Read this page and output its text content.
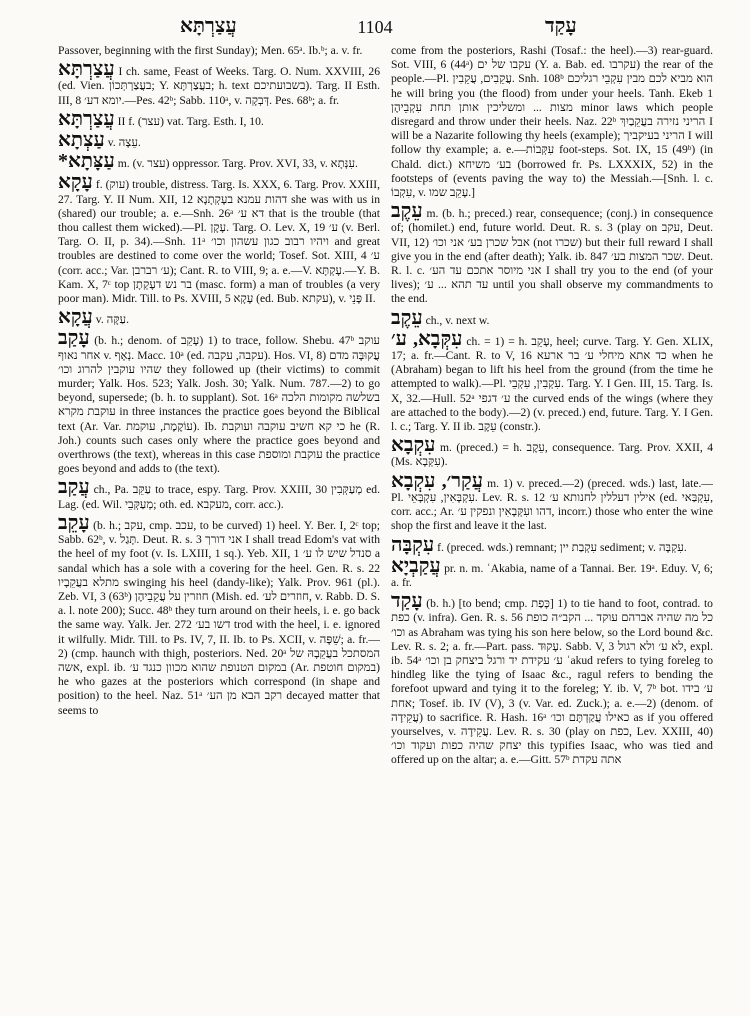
עֲצַרְתָּא	1104	עָקַד

Passover, beginning with the first Sunday); Men. 65ᵃ. Ib.ᵇ; a. v. fr.

עֲצַרְתָּא I ch. same, Feast of Weeks. Targ. O. Num. XXVIII, 26 (ed. Vien. בעֲצַרְתְּכוֹן; Y. בעֲצַרְתָּא; h. text בשבועתיכם). Targ. II Esth. III, 8 יומא דע׳.—Pes. 42ᵇ; Sabb. 110ᵃ, v. דְּבְקָה. Pes. 68ᵇ; a. fr.

עֲצַרְתָּא II f. (עצר) vat. Targ. Esth. I, 10.

עַצְתָא v. עֵצָה.

*עַצָּתָא m. (v. עצר) oppressor. Targ. Prov. XVI, 33, v. עִנְּתָא.

עָקָא f. (עוק) trouble, distress. Targ. Is. XXX, 6. Targ. Prov. XXIII, 27. Targ. Y. II Num. XII, 12 דהות עמנא בעָקְתָנָא she was with us in (shared) our trouble; a. e.—Snh. 26ᵃ דא ע׳ that is the trouble (that thou callest them wicked).—Pl. עָקָן. Targ. O. Lev. X, 19 ע׳ (v. Berl. Targ. O. II, p. 34).—Snh. 11ᵃ ויהיו רבוב כגון עשהון וכו׳ and great troubles are destined to come over the world; Tosef. Sot. XIII, 4 ע׳ (corr. acc.; Var. ע׳ רברבן); Cant. R. to VIII, 9; a. e.—V. עָקְתָּא.—Y. B. Kam. X, 7ᶜ top בר נש דעָקְתָן (masc. form) a man of troubles (a very poor man). Midr. Till. to Ps. XVIII, 5 עָקָא (ed. Bub. עקתא), v. פָּנֵי II.

עֲקָא v. עַקָּה.

עָקַב (b. h.; denom. of עָקֵב) 1) to trace, follow. Shebu. 47ᵇ עוקב אחר נאוף v. נְאָף. Macc. 10ᵃ (ed. עקבה, עקבה). Hos. VI, 8) עֲקוּבָּה מדם שהיו עוקבין להרוג וכו׳ they followed up (their victims) to commit murder; Yalk. Hos. 523; Yalk. Josh. 30; Yalk. Num. 787.—2) to go beyond, supersede; (b. h. to supplant). Sot. 16ᵃ בשלשה מקומות הלכה עוקבת מקרא in three instances the practice goes beyond the Biblical text (Ar. Var. עוֹקֶמֶת, עוקמת). Ib. כי קא חשיב עוקבה ועוקבת he (R. Joh.) counts such cases only where the practice goes beyond and overthrows (the text), whereas in this case עוקבת ומוספת the practice goes beyond and adds to (the text).

עֲקַב ch., Pa. עַקֵּב to trace, espy. Targ. Prov. XXIII, 30 מְעַקְּבִין ed. Lag. (ed. Wil. מְעַקְּבֵי; oth. ed. מעקבא, corr. acc.).

עָקֵב (b. h.; עקב, cmp. עכב, to be curved) 1) heel. Y. Ber. I, 2ᶜ top; Sabb. 62ᵇ, v. תָּגַל. Deut. R. s. 3 אני דורך I shall tread Edom's vat with the heel of my foot (v. Is. LXIII, 1 sq.). Yeb. XII, 1 סנדל שיש לו ע׳ a sandal which has a sole with a covering for the heel. Gen. R. s. 22 מתלא בעֲקֵבָיו swinging his heel (dandy-like); Yalk. Prov. 961 (pl.). Zeb. VI, 3 (63ᵇ) חוזרין על עֲקֵבֵיהֶן (Mish. ed. חוזרים לע׳, v. Rabb. D. S. a. l. note 200); Succ. 48ᵇ they turn around on their heels, i. e. go back the same way. Yalk. Jer. 272 דשו בע׳ trod with the heel, i. e. ignored it wilfully. Midr. Till. to Ps. IV, 7, II. Ib. to Ps. XCII, v. שֵׁפָּה; a. fr.—2) (cmp. haunch with thigh, posteriors. Ned. 20ᵃ המסתכל בעֲקֵבָהּ של אשה, expl. ib. במקום הטנופת שהוא מכוון כנגד ע׳ (Ar. במקום חוטפת) he who gazes at the posteriors which correspond (in shape and position) to the heel. Naz. 51ᵃ רקב הבא מן הע׳ decayed matter that seems to

come from the posteriors, Rashi (Tosaf.: the heel).—3) rear-guard. Sot. VIII, 6 (44ᵃ) עקבו של ים (Y. a. Bab. ed. עקרבו) the rear of the people.—Pl. עֲקֵבִים, עֲקֵבִין. Snh. 108ᵇ הוא מביא לכם מבין עִקְבֵי רגליכם he will bring you (the flood) from under your heels. Tanh. Ekeb 1 מצות ... ומשליכין אותן תחת עִקְבֵיהֶן minor laws which people disregard and throw under their heels. Naz. 22ᵇ הריני נזירה בעֲקֵבַיִךְ I will be a Nazarite following thy heels (example); הריני בעיקביך I will follow thy example; a. e.—עִקְּבוֹת foot-steps. Sot. IX, 15 (49ᵇ) (in Chald. dict.) בע׳ משיחא (borrowed fr. Ps. LXXXIX, 52) in the footsteps of (events paving the way to) the Messiah.—[Snh. l. c. עִקְבוֹ, v. עָקֵב שמו.]

עֵקֶב m. (b. h.; preced.) rear, consequence; (conj.) in consequence of; (homilet.) end, future world. Deut. R. s. 3 (play on עקב, Deut. VII, 12) אבל שכרן בע׳ אני וכו׳ (not שכרו) but their full reward I shall give you in the end (after death); Yalk. ib. 847 שכר המצות בע׳. Deut. R. l. c. אני מיוסר אתכם עד הע׳ I shall try you to the end (of your lives); עד תהא ... ע׳ until you shall observe my commandments to the end.

עֵקֶב ch., v. next w.

עִקְּבָא, ע׳ ch. = 1) = h. עָקֵב, heel; curve. Targ. Y. Gen. XLIX, 17; a. fr.—Cant. R. to V, 16 כד אתא מיחלי ע׳ בר ארעא when he (Abraham) began to lift his heel from the ground (from the time he attempted to walk).—Pl. עִקְבִין, עִקְבֵי. Targ. Y. I Gen. III, 15. Targ. Is. X, 32.—Hull. 52ᵃ ע׳ דגפי the curved ends of the wings (where they are attached to the body).—2) (v. preced.) end, future. Targ. Y. I Gen. l. c.; Targ. Y. II ib. עֵקֶב (constr.).

עִקְבָא m. (preced.) = h. עֵקֶב, consequence. Targ. Prov. XXII, 4 (Ms. עִקְּבָא).

עֲקַר׳, עִקְבָא m. 1) v. preced.—2) (preced. wds.) last, late.—Pl. עִקְבָּאִין, עִקְבָּאֵי. Lev. R. s. 12 אילין דעללין לחנותא ע׳ (ed. עִקְבַּאי, corr. acc.; Ar. דהו ועִקְּבָאִין ונפקין ע׳, incorr.) those who enter the wine shop the first and leave it the last.

עִקְבָּה f. (preced. wds.) remnant; עִקְבַת יין sediment; v. עִקְבָּה.

עֲקַבְיָא pr. n. m. ʿAkabia, name of a Tannai. Ber. 19ᵃ. Eduy. V, 6; a. fr.

עָקַד (b. h.) [to bend; cmp. כָּפַת] 1) to tie hand to foot, contrad. to כפת (v. infra). Gen. R. s. 56 כל מה שהיה אברהם עוקד ... הקב״ה כופת וכו׳ as Abraham was tying his son here below, so the Lord bound &c. Lev. R. s. 2; a. fr.—Part. pass. עָקוּד. Sabb. V, 3 לא ע׳ ולא רגול, expl. ib. 54ᵃ ע׳ עקידת יד ורגל ביצחק בן וכו׳ ʿakud refers to tying foreleg to hindleg like the tying of Isaac &c., ragul refers to bending the forefoot upward and tying it to the foreleg; Y. ib. V, 7ᵇ bot. ע׳ בידו אחת; Tosef. ib. IV (V), 3 (v. Var. ed. Zuck.); a. e.—2) (denom. of עֲקֵידָה) to sacrifice. R. Hash. 16ᵃ כאילו עֲקַדְתֶּם וכו׳ as if you offered yourselves, v. עֲקֵידָה. Lev. R. s. 30 (play on כפת, Lev. XXIII, 40) יצחק שהיה כפות ועקוד וכו׳ this typifies Isaac, who was tied and offered up on the altar; a. e.—Gitt. 57ᵇ אתה עקדת
